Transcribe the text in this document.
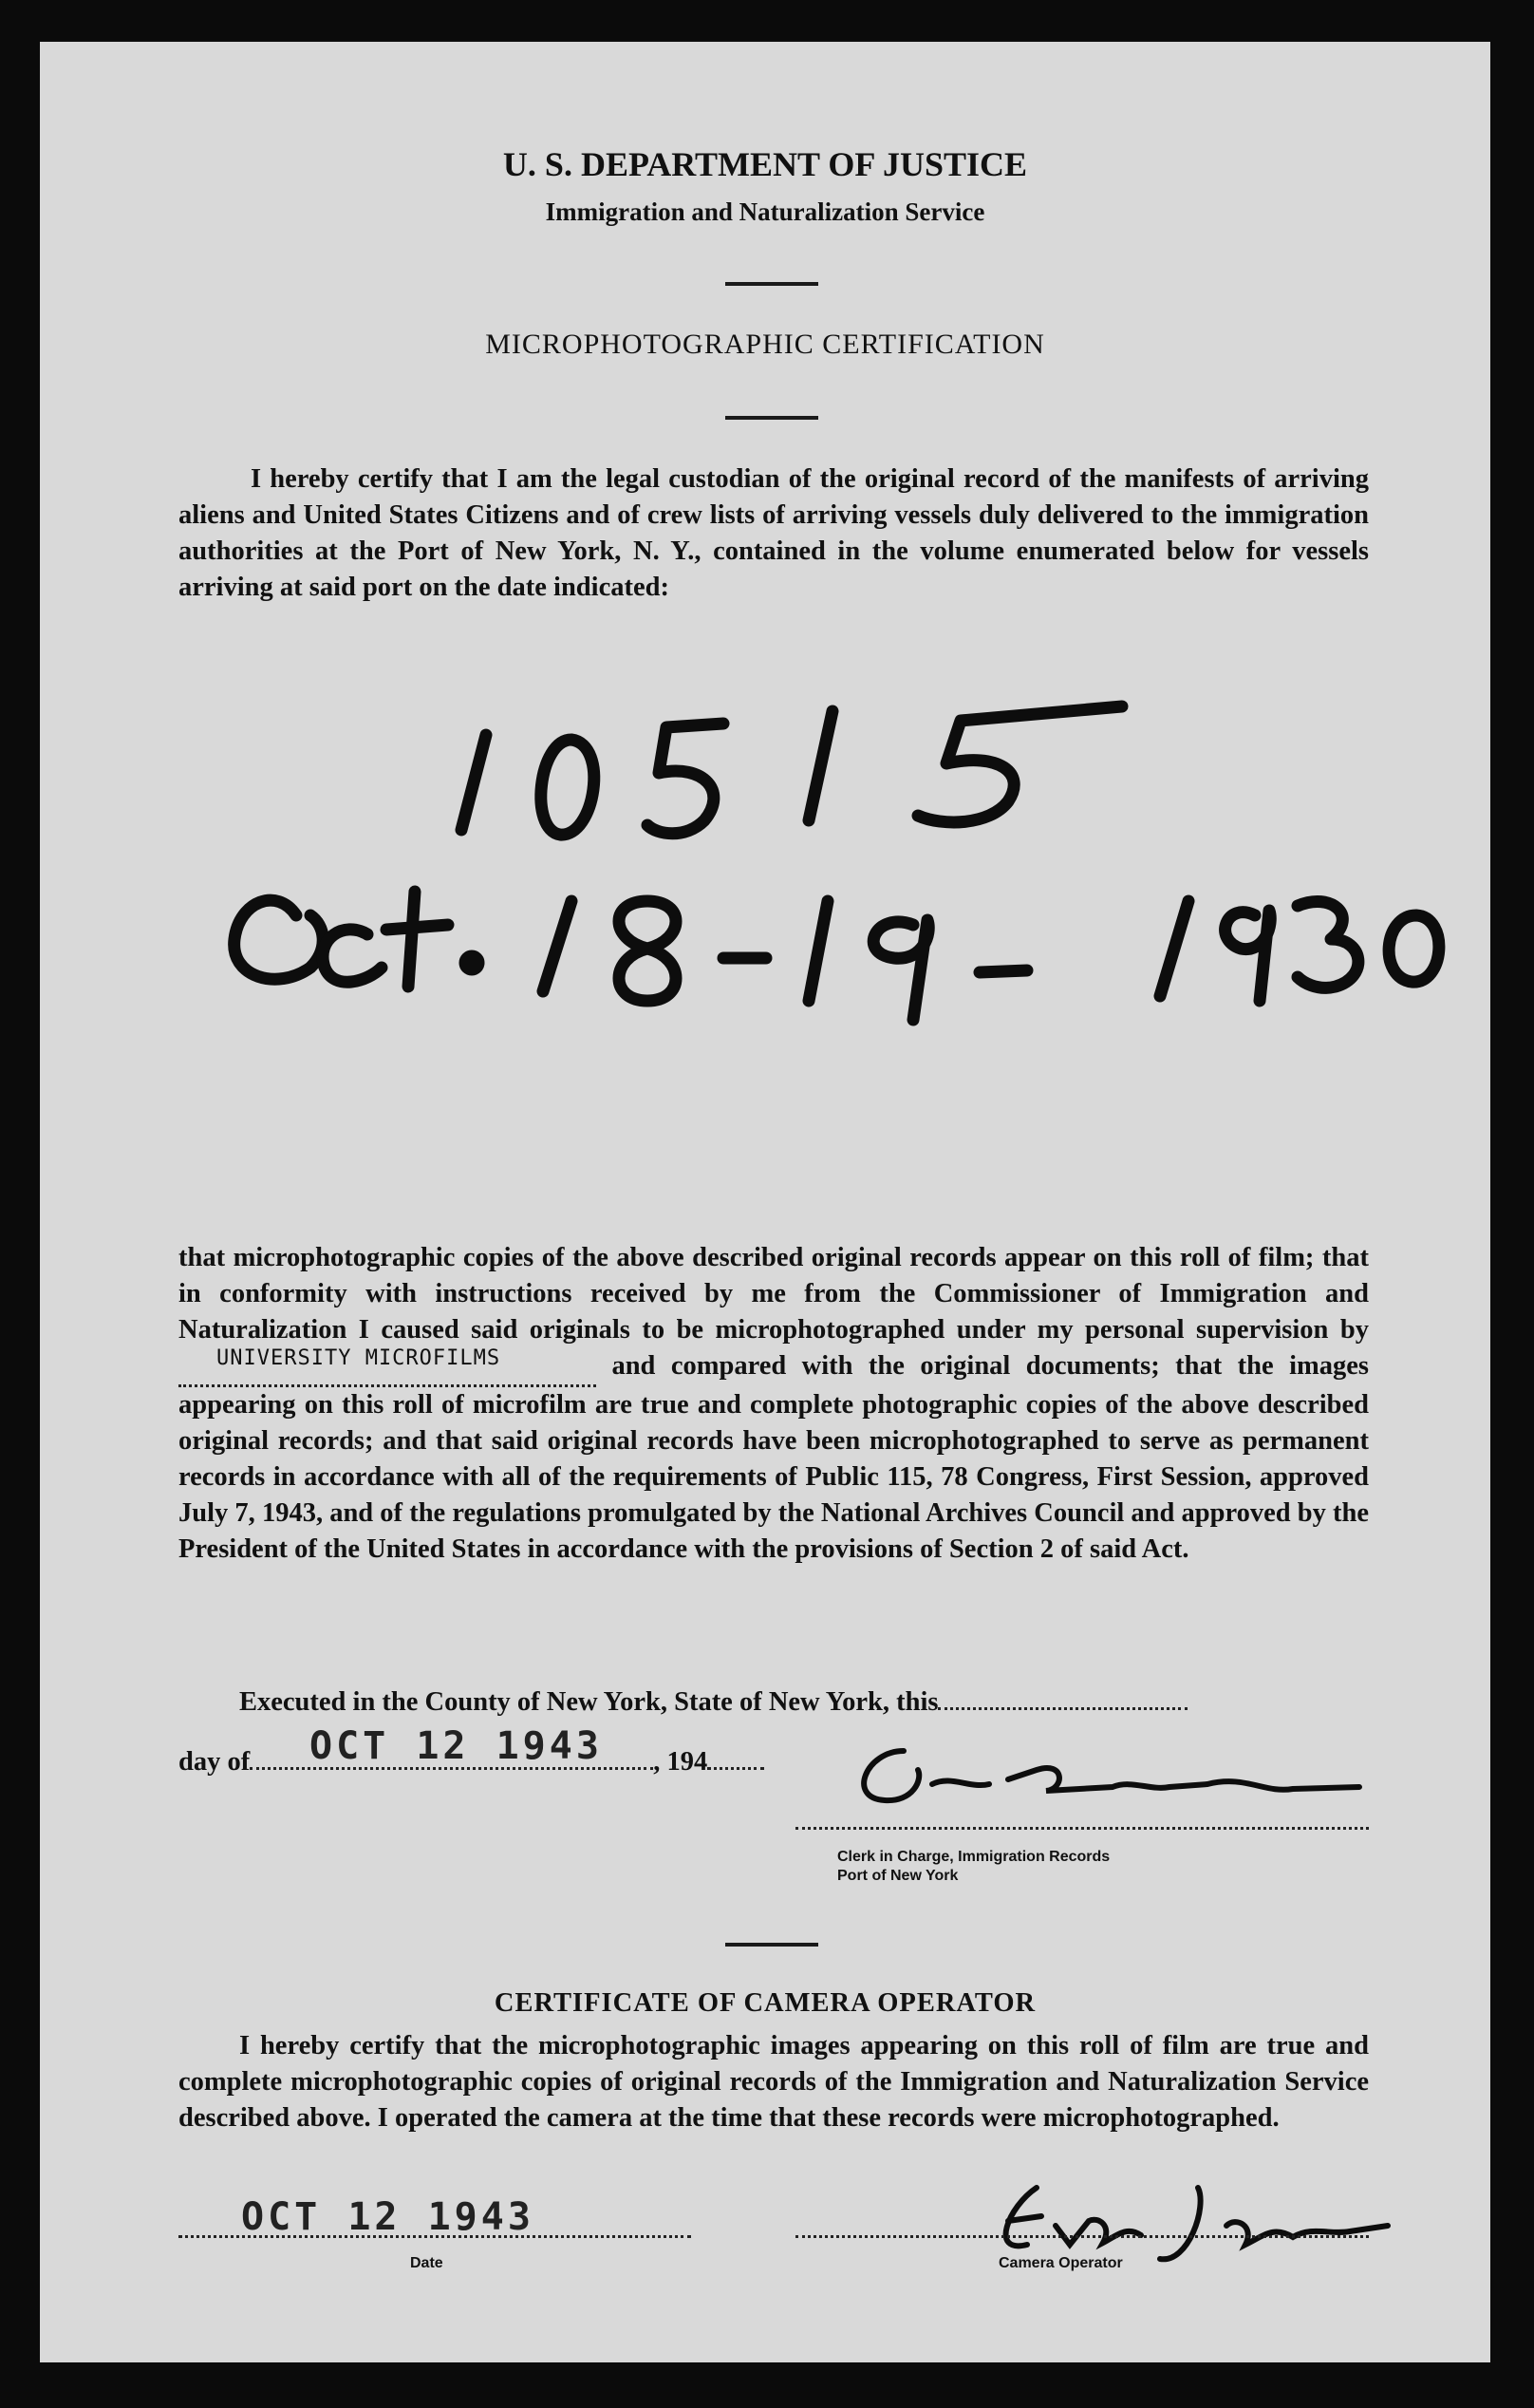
U. S. DEPARTMENT OF JUSTICE
Immigration and Naturalization Service
MICROPHOTOGRAPHIC CERTIFICATION
I hereby certify that I am the legal custodian of the original record of the manifests of arriving aliens and United States Citizens and of crew lists of arriving vessels duly delivered to the immigration authorities at the Port of New York, N. Y., contained in the volume enumerated below for vessels arriving at said port on the date indicated:
that microphotographic copies of the above described original records appear on this roll of film; that in conformity with instructions received by me from the Commissioner of Immigration and Naturalization I caused said originals to be microphotographed under my personal supervision by
UNIVERSITY MICROFILMS	and compared with the original documents; that the images appearing on this roll of microfilm are true and complete photographic copies of the above described original records; and that said original records have been microphotographed to serve as permanent records in accordance with all of the requirements of Public 115, 78 Congress, First Session, approved July 7, 1943, and of the regulations promulgated by the National Archives Council and approved by the President of the United States in accordance with the provisions of Section 2 of said Act.
Executed in the County of New York, State of New York, this
day of	, 194
OCT 12 1943
Clerk in Charge, Immigration Records
Port of New York
CERTIFICATE OF CAMERA OPERATOR
I hereby certify that the microphotographic images appearing on this roll of film are true and complete microphotographic copies of original records of the Immigration and Naturalization Service described above. I operated the camera at the time that these records were microphotographed.
OCT 12 1943
Date	Camera Operator
